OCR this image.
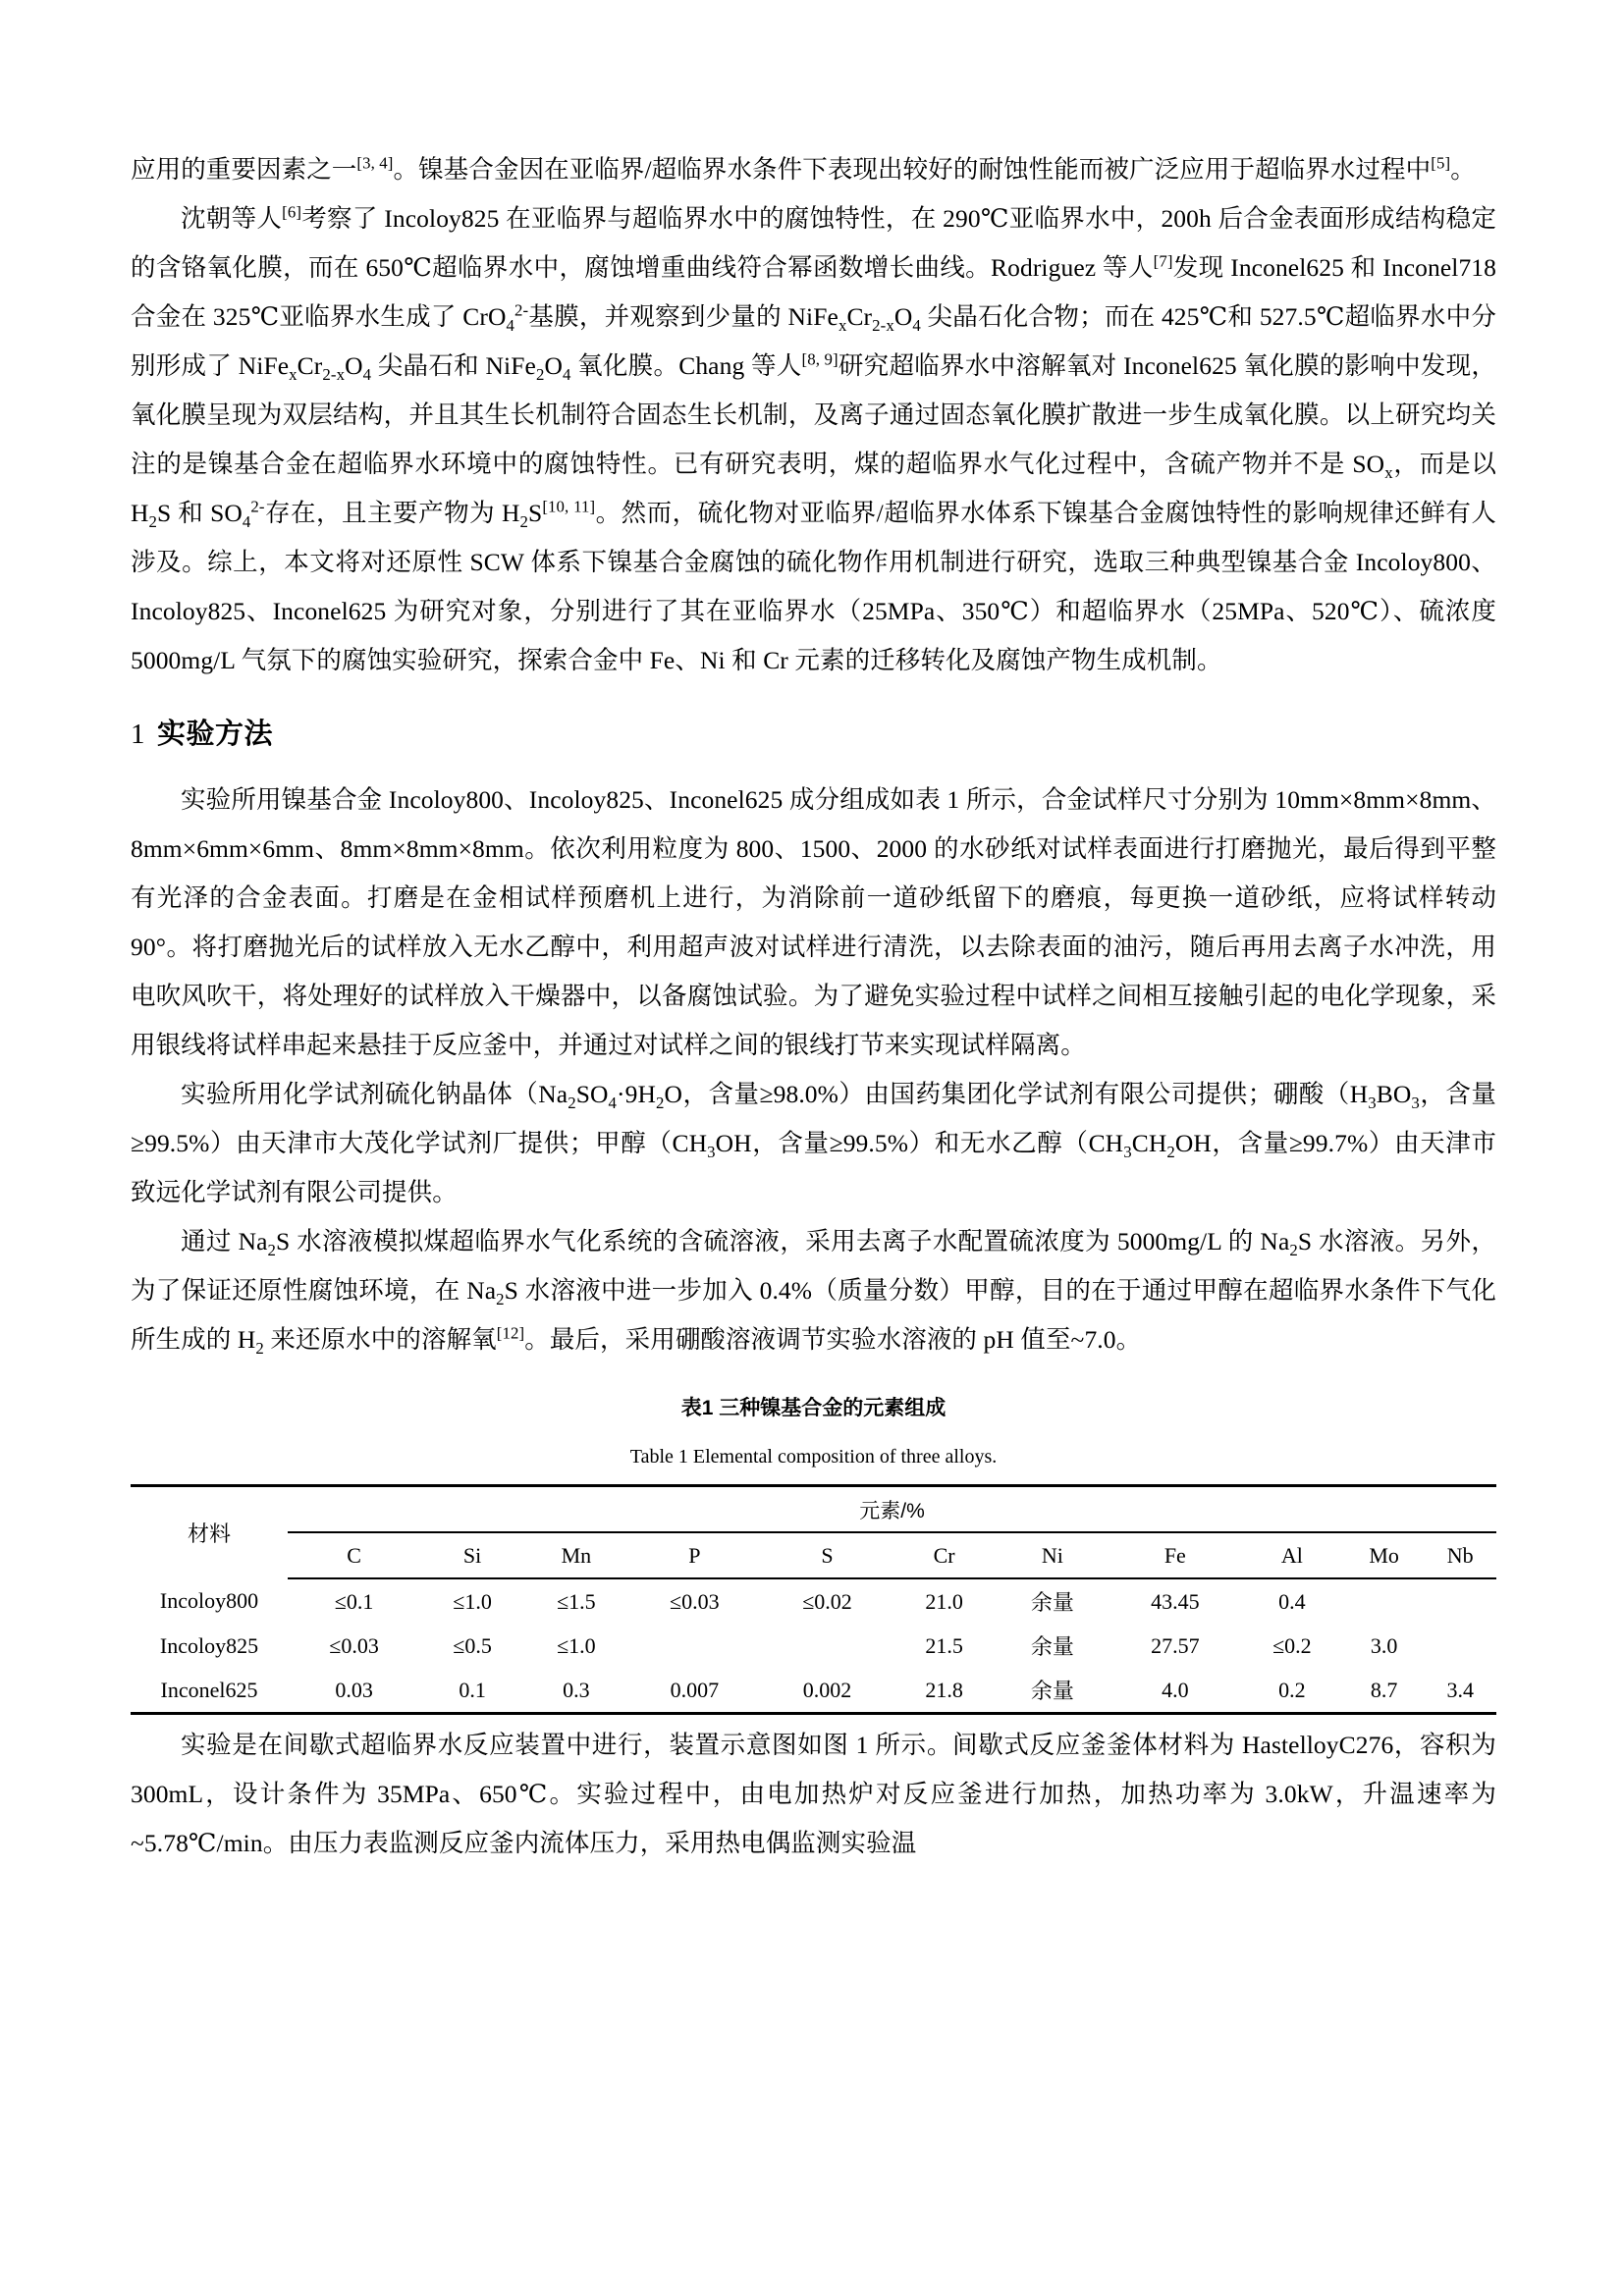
应用的重要因素之一[3, 4]。镍基合金因在亚临界/超临界水条件下表现出较好的耐蚀性能而被广泛应用于超临界水过程中[5]。

沈朝等人[6]考察了 Incoloy825 在亚临界与超临界水中的腐蚀特性，在 290℃亚临界水中，200h 后合金表面形成结构稳定的含铬氧化膜，而在 650℃超临界水中，腐蚀增重曲线符合幂函数增长曲线。Rodriguez 等人[7]发现 Inconel625 和 Inconel718 合金在 325℃亚临界水生成了 CrO$_4^{2-}$基膜，并观察到少量的 $NiFe_xCr_{2-x}O_4$ 尖晶石化合物；而在 425℃和 527.5℃超临界水中分别形成了 $NiFe_xCr_{2-x}O_4$ 尖晶石和 $NiFe_2O_4$ 氧化膜。Chang 等人[8, 9]研究超临界水中溶解氧对 Inconel625 氧化膜的影响中发现，氧化膜呈现为双层结构，并且其生长机制符合固态生长机制，及离子通过固态氧化膜扩散进一步生成氧化膜。以上研究均关注的是镍基合金在超临界水环境中的腐蚀特性。已有研究表明，煤的超临界水气化过程中，含硫产物并不是 $SO_x$，而是以 $H_2S$ 和 $SO_4^{2-}$存在，且主要产物为 $H_2S[10, 11]$。然而，硫化物对亚临界/超临界水体系下镍基合金腐蚀特性的影响规律还鲜有人涉及。综上，本文将对还原性 SCW 体系下镍基合金腐蚀的硫化物作用机制进行研究，选取三种典型镍基合金 Incoloy800、Incoloy825、Inconel625 为研究对象，分别进行了其在亚临界水（25MPa、350℃）和超临界水（25MPa、520℃）、硫浓度 5000mg/L 气氛下的腐蚀实验研究，探索合金中 Fe、Ni 和 Cr 元素的迁移转化及腐蚀产物生成机制。

1 实验方法

实验所用镍基合金 Incoloy800、Incoloy825、Inconel625 成分组成如表 1 所示，合金试样尺寸分别为 10mm×8mm×8mm、8mm×6mm×6mm、8mm×8mm×8mm。依次利用粒度为 800、1500、2000 的水砂纸对试样表面进行打磨抛光，最后得到平整有光泽的合金表面。打磨是在金相试样预磨机上进行，为消除前一道砂纸留下的磨痕，每更换一道砂纸，应将试样转动 90°。将打磨抛光后的试样放入无水乙醇中，利用超声波对试样进行清洗，以去除表面的油污，随后再用去离子水冲洗，用电吹风吹干，将处理好的试样放入干燥器中，以备腐蚀试验。为了避免实验过程中试样之间相互接触引起的电化学现象，采用银线将试样串起来悬挂于反应釜中，并通过对试样之间的银线打节来实现试样隔离。

实验所用化学试剂硫化钠晶体（$Na_2SO_4\cdot 9H_2O$，含量≥98.0%）由国药集团化学试剂有限公司提供；硼酸（$H_3BO_3$，含量≥99.5%）由天津市大茂化学试剂厂提供；甲醇（$CH_3OH$，含量≥99.5%）和无水乙醇（$CH_3CH_2OH$，含量≥99.7%）由天津市致远化学试剂有限公司提供。

通过 $Na_2S$ 水溶液模拟煤超临界水气化系统的含硫溶液，采用去离子水配置硫浓度为 5000mg/L 的 $Na_2S$ 水溶液。另外，为了保证还原性腐蚀环境，在 $Na_2S$ 水溶液中进一步加入 0.4%（质量分数）甲醇，目的在于通过甲醇在超临界水条件下气化所生成的 $H_2$ 来还原水中的溶解氧[12]。最后，采用硼酸溶液调节实验水溶液的 pH 值至~7.0。

表1 三种镍基合金的元素组成
Table 1 Elemental composition of three alloys.
材料	元素/%										
	C	Si	Mn	P	S	Cr	Ni	Fe	Al	Mo	Nb
Incoloy800	≤0.1	≤1.0	≤1.5	≤0.03	≤0.02	21.0	余量	43.45	0.4		
Incoloy825	≤0.03	≤0.5	≤1.0			21.5	余量	27.57	≤0.2	3.0	
Inconel625	0.03	0.1	0.3	0.007	0.002	21.8	余量	4.0	0.2	8.7	3.4

实验是在间歇式超临界水反应装置中进行，装置示意图如图 1 所示。间歇式反应釜釜体材料为 HastelloyC276，容积为 300mL，设计条件为 35MPa、650℃。实验过程中，由电加热炉对反应釜进行加热，加热功率为 3.0kW，升温速率为~5.78℃/min。由压力表监测反应釜内流体压力，采用热电偶监测实验温
